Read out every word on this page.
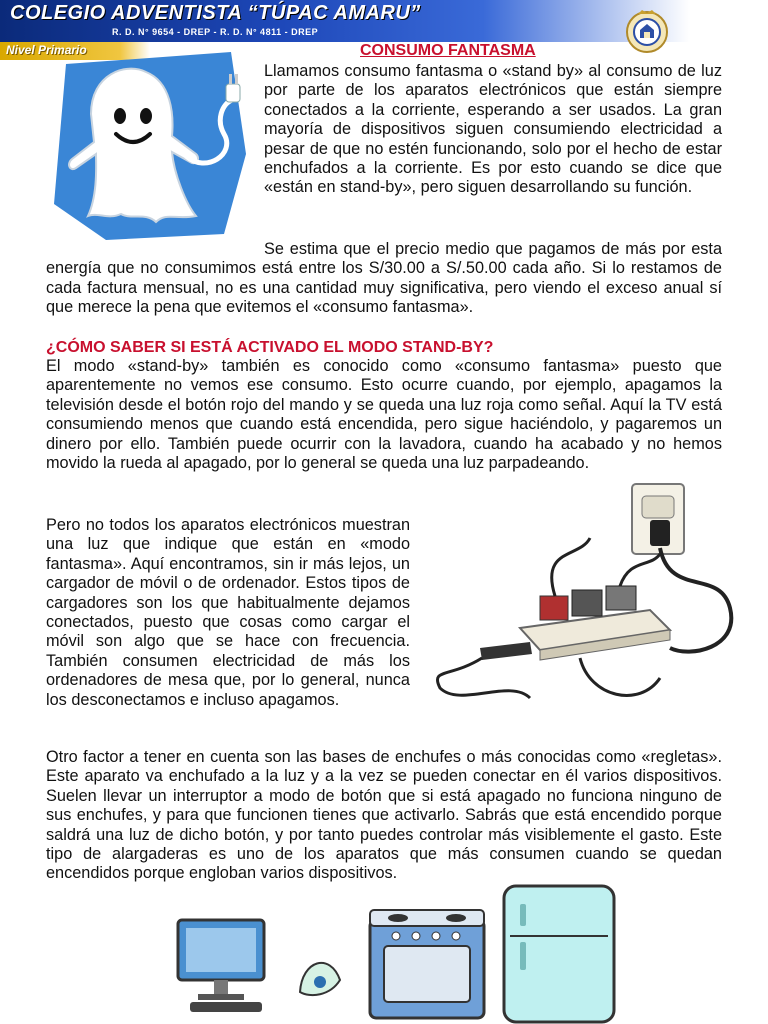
COLEGIO ADVENTISTA “TÚPAC AMARU”
R. D. N° 9654 - DREP - R. D. N° 4811 - DREP
Nivel Primario	CONSUMO FANTASMA

Llamamos consumo fantasma o «stand by» al consumo de luz por parte de los aparatos electrónicos que están siempre conectados a la corriente, esperando a ser usados. La gran mayoría de dispositivos siguen consumiendo electricidad a pesar de que no estén funcionando, solo por el hecho de estar enchufados a la corriente. Es por esto cuando se dice que «están en stand-by», pero siguen desarrollando su función.

Se estima que el precio medio que pagamos de más por esta energía que no consumimos está entre los S/30.00 a S/.50.00 cada año. Si lo restamos de cada factura mensual, no es una cantidad muy significativa, pero viendo el exceso anual sí que merece la pena que evitemos el «consumo fantasma».

¿CÓMO SABER SI ESTÁ ACTIVADO EL MODO STAND-BY?

El modo «stand-by» también es conocido como «consumo fantasma» puesto que aparentemente no vemos ese consumo. Esto ocurre cuando, por ejemplo, apagamos la televisión desde el botón rojo del mando y se queda una luz roja como señal. Aquí la TV está consumiendo menos que cuando está encendida, pero sigue haciéndolo, y pagaremos un dinero por ello. También puede ocurrir con la lavadora, cuando ha acabado y no hemos movido la rueda al apagado, por lo general se queda una luz parpadeando.

Pero no todos los aparatos electrónicos muestran una luz que indique que están en «modo fantasma». Aquí encontramos, sin ir más lejos, un cargador de móvil o de ordenador. Estos tipos de cargadores son los que habitualmente dejamos conectados, puesto que cosas como cargar el móvil son algo que se hace con frecuencia. También consumen electricidad de más los ordenadores de mesa que, por lo general, nunca los desconectamos e incluso apagamos.

Otro factor a tener en cuenta son las bases de enchufes o más conocidas como «regletas». Este aparato va enchufado a la luz y a la vez se pueden conectar en él varios dispositivos. Suelen llevar un interruptor a modo de botón que si está apagado no funciona ninguno de sus enchufes, y para que funcionen tienes que activarlo. Sabrás que está encendido porque saldrá una luz de dicho botón, y por tanto puedes controlar más visiblemente el gasto. Este tipo de alargaderas es uno de los aparatos que más consumen cuando se quedan encendidos porque engloban varios dispositivos.
